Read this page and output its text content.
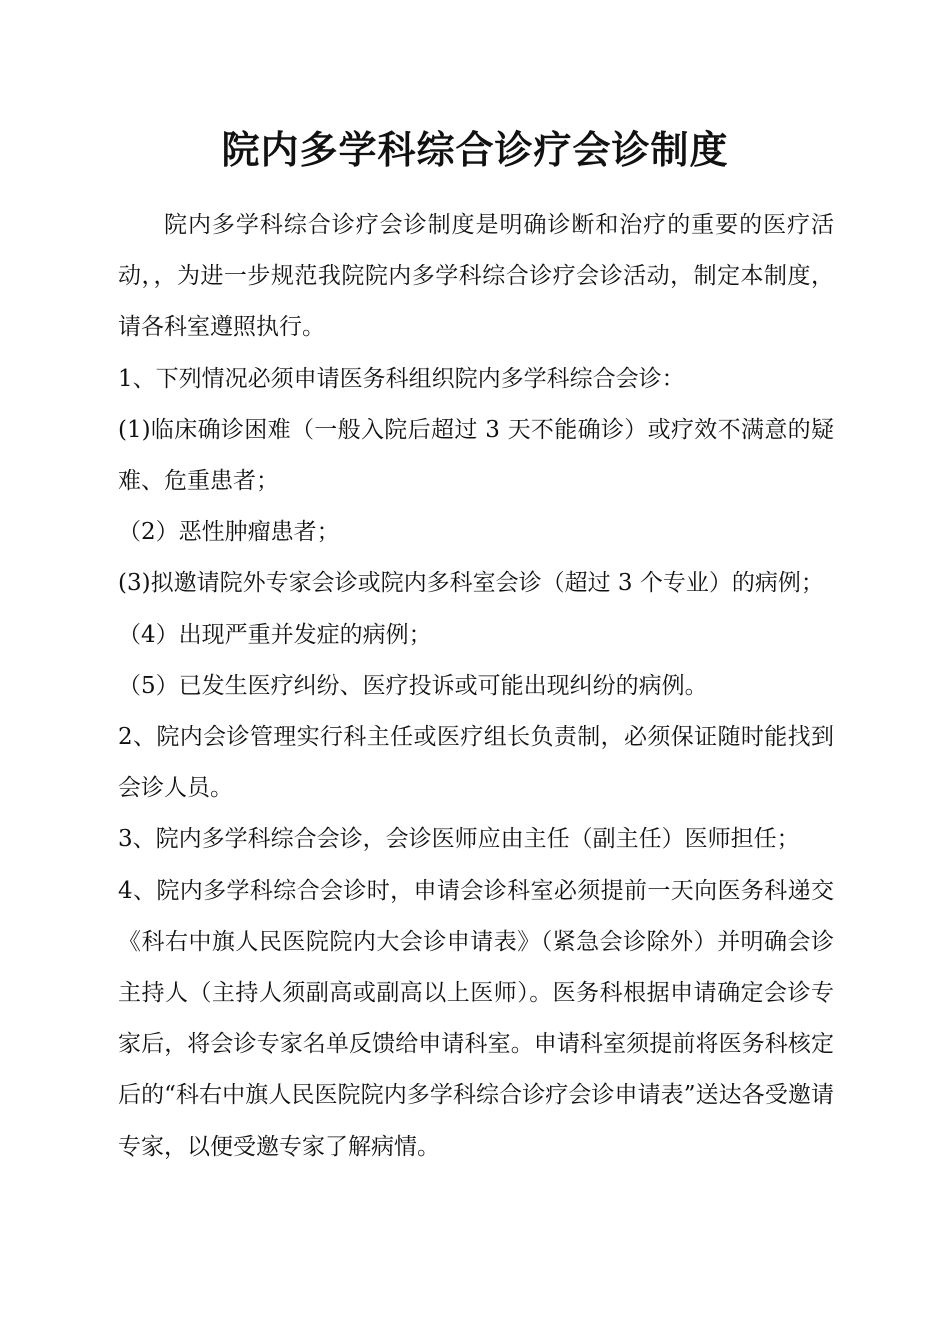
院内多学科综合诊疗会诊制度

院内多学科综合诊疗会诊制度是明确诊断和治疗的重要的医疗活动，，为进一步规范我院院内多学科综合诊疗会诊活动，制定本制度，请各科室遵照执行。

1、下列情况必须申请医务科组织院内多学科综合会诊：

(1)临床确诊困难（一般入院后超过 3 天不能确诊）或疗效不满意的疑难、危重患者；

（2）恶性肿瘤患者；

(3)拟邀请院外专家会诊或院内多科室会诊（超过 3 个专业）的病例；

（4）出现严重并发症的病例；

（5）已发生医疗纠纷、医疗投诉或可能出现纠纷的病例。

2、院内会诊管理实行科主任或医疗组长负责制，必须保证随时能找到会诊人员。

3、院内多学科综合会诊，会诊医师应由主任（副主任）医师担任；

4、院内多学科综合会诊时，申请会诊科室必须提前一天向医务科递交《科右中旗人民医院院内大会诊申请表》（紧急会诊除外）并明确会诊主持人（主持人须副高或副高以上医师）。医务科根据申请确定会诊专家后，将会诊专家名单反馈给申请科室。申请科室须提前将医务科核定后的“科右中旗人民医院院内多学科综合诊疗会诊申请表”送达各受邀请专家，以便受邀专家了解病情。
